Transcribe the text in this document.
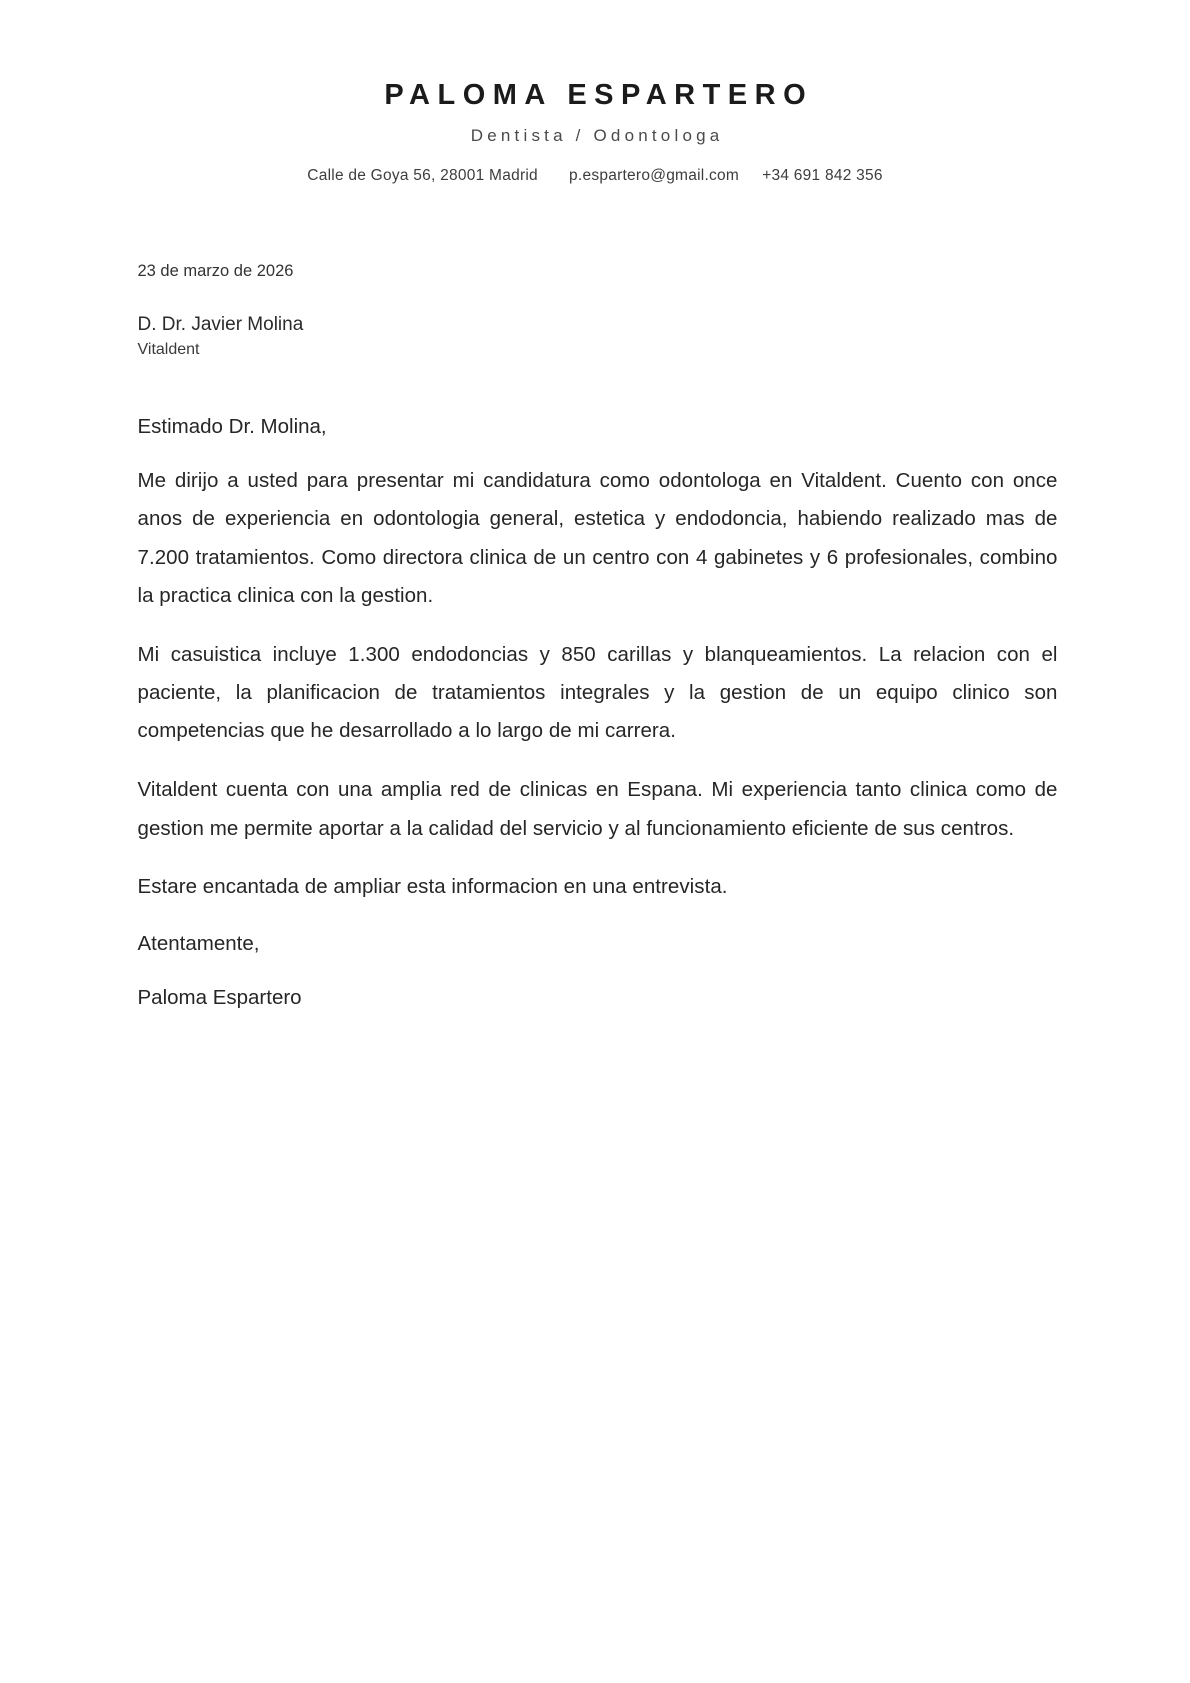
PALOMA ESPARTERO
Dentista / Odontologa
Calle de Goya 56, 28001 Madrid p.espartero@gmail.com +34 691 842 356
23 de marzo de 2026
D. Dr. Javier Molina
Vitaldent
Estimado Dr. Molina,

Me dirijo a usted para presentar mi candidatura como odontologa en Vitaldent. Cuento con once anos de experiencia en odontologia general, estetica y endodoncia, habiendo realizado mas de 7.200 tratamientos. Como directora clinica de un centro con 4 gabinetes y 6 profesionales, combino la practica clinica con la gestion.

Mi casuistica incluye 1.300 endodoncias y 850 carillas y blanqueamientos. La relacion con el paciente, la planificacion de tratamientos integrales y la gestion de un equipo clinico son competencias que he desarrollado a lo largo de mi carrera.

Vitaldent cuenta con una amplia red de clinicas en Espana. Mi experiencia tanto clinica como de gestion me permite aportar a la calidad del servicio y al funcionamiento eficiente de sus centros.

Estare encantada de ampliar esta informacion en una entrevista.

Atentamente,
Paloma Espartero
